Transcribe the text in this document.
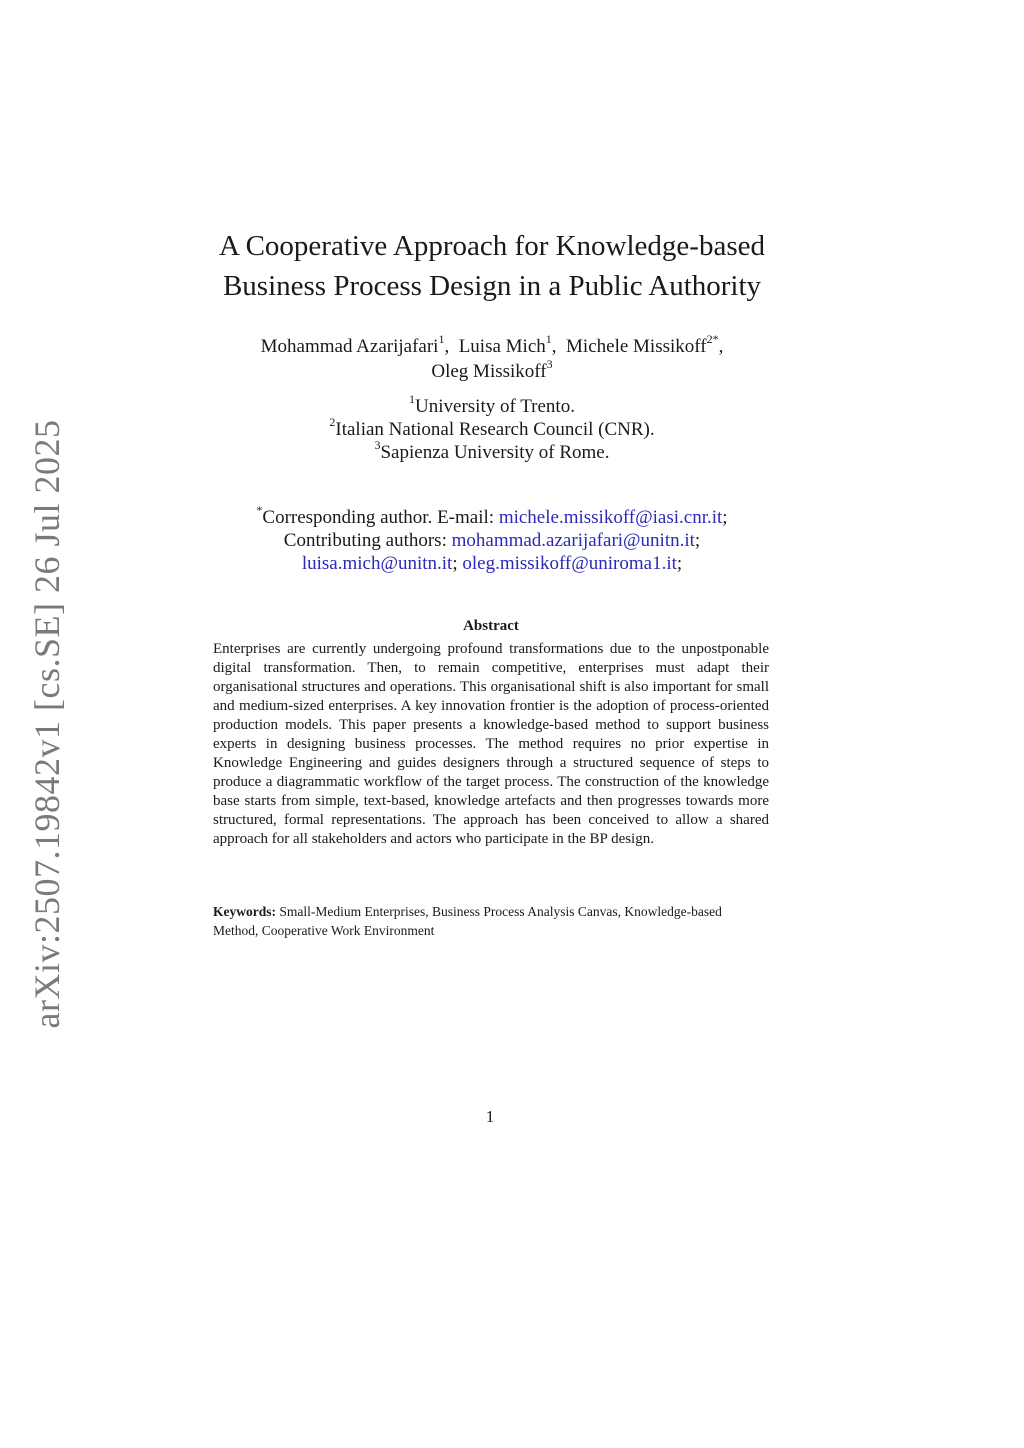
arXiv:2507.19842v1 [cs.SE] 26 Jul 2025
A Cooperative Approach for Knowledge-based
Business Process Design in a Public Authority
Mohammad Azarijafari$^1$,  Luisa Mich$^1$,  Michele Missikoff$^{2*}$,
Oleg Missikoff$^3$
$^1$University of Trento.
$^2$Italian National Research Council (CNR).
$^3$Sapienza University of Rome.
*Corresponding author. E-mail: michele.missikoff@iasi.cnr.it;
Contributing authors: mohammad.azarijafari@unitn.it;
luisa.mich@unitn.it; oleg.missikoff@uniroma1.it;
Abstract
Enterprises are currently undergoing profound transformations due to the unpostponable digital transformation. Then, to remain competitive, enterprises must adapt their organisational structures and operations. This organisational shift is also important for small and medium-sized enterprises. A key innovation frontier is the adoption of process-oriented production models. This paper presents a knowledge-based method to support business experts in designing business processes. The method requires no prior expertise in Knowledge Engineering and guides designers through a structured sequence of steps to produce a diagrammatic workflow of the target process. The construction of the knowledge base starts from simple, text-based, knowledge artefacts and then progresses towards more structured, formal representations. The approach has been conceived to allow a shared approach for all stakeholders and actors who participate in the BP design.
Keywords: Small-Medium Enterprises, Business Process Analysis Canvas, Knowledge-based Method, Cooperative Work Environment
1
